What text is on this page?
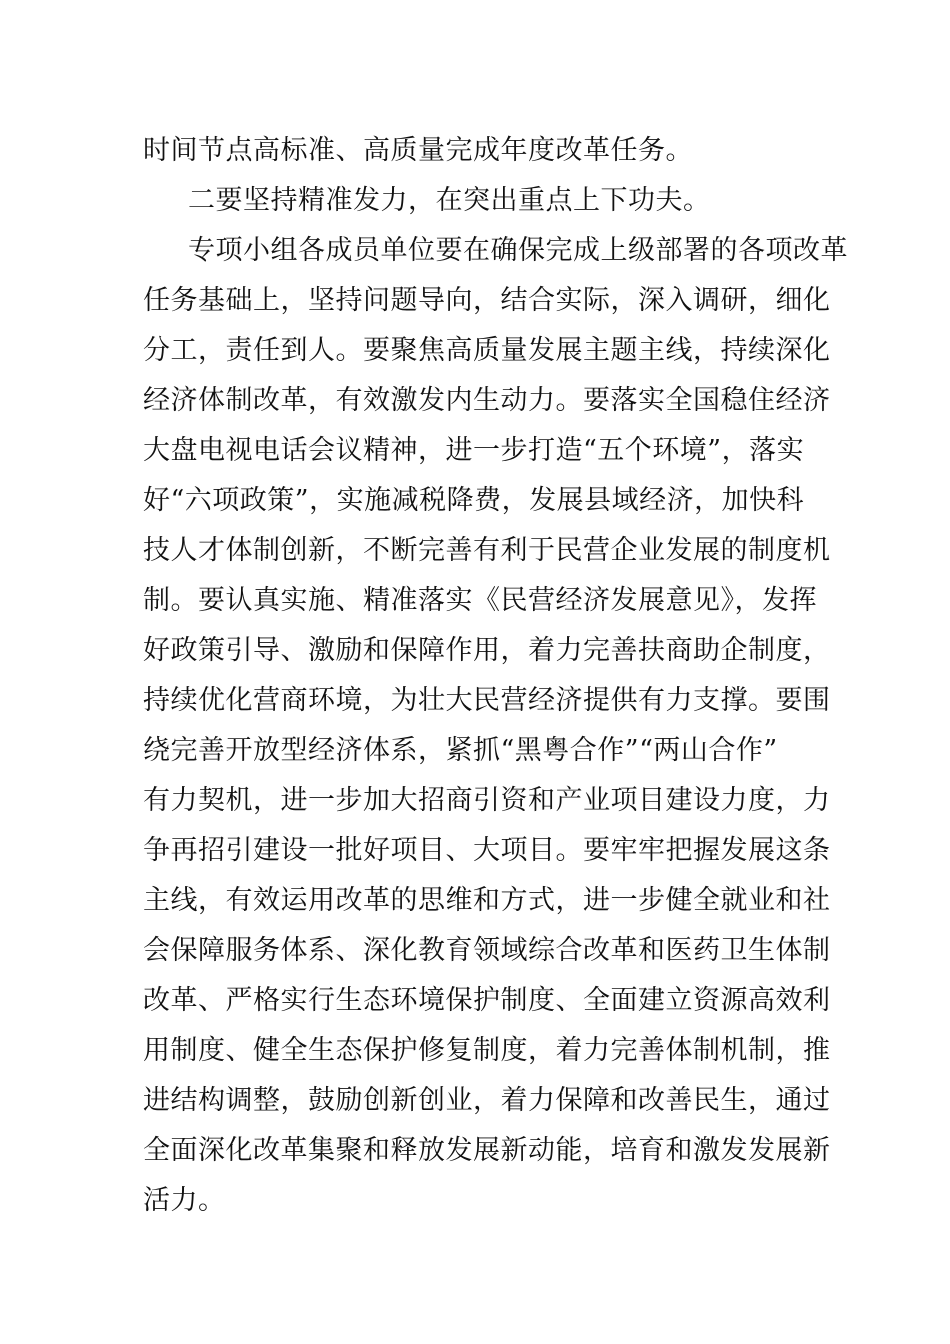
时间节点高标准、高质量完成年度改革任务。
二要坚持精准发力，在突出重点上下功夫。
专项小组各成员单位要在确保完成上级部署的各项改革
任务基础上，坚持问题导向，结合实际，深入调研，细化
分工，责任到人。要聚焦高质量发展主题主线，持续深化
经济体制改革，有效激发内生动力。要落实全国稳住经济
大盘电视电话会议精神，进一步打造“五个环境”，落实
好“六项政策”，实施减税降费，发展县域经济，加快科
技人才体制创新，不断完善有利于民营企业发展的制度机
制。要认真实施、精准落实《民营经济发展意见》，发挥
好政策引导、激励和保障作用，着力完善扶商助企制度，
持续优化营商环境，为壮大民营经济提供有力支撑。要围
绕完善开放型经济体系，紧抓“黑粤合作”“两山合作”
有力契机，进一步加大招商引资和产业项目建设力度，力
争再招引建设一批好项目、大项目。要牢牢把握发展这条
主线，有效运用改革的思维和方式，进一步健全就业和社
会保障服务体系、深化教育领域综合改革和医药卫生体制
改革、严格实行生态环境保护制度、全面建立资源高效利
用制度、健全生态保护修复制度，着力完善体制机制，推
进结构调整，鼓励创新创业，着力保障和改善民生，通过
全面深化改革集聚和释放发展新动能，培育和激发发展新
活力。
